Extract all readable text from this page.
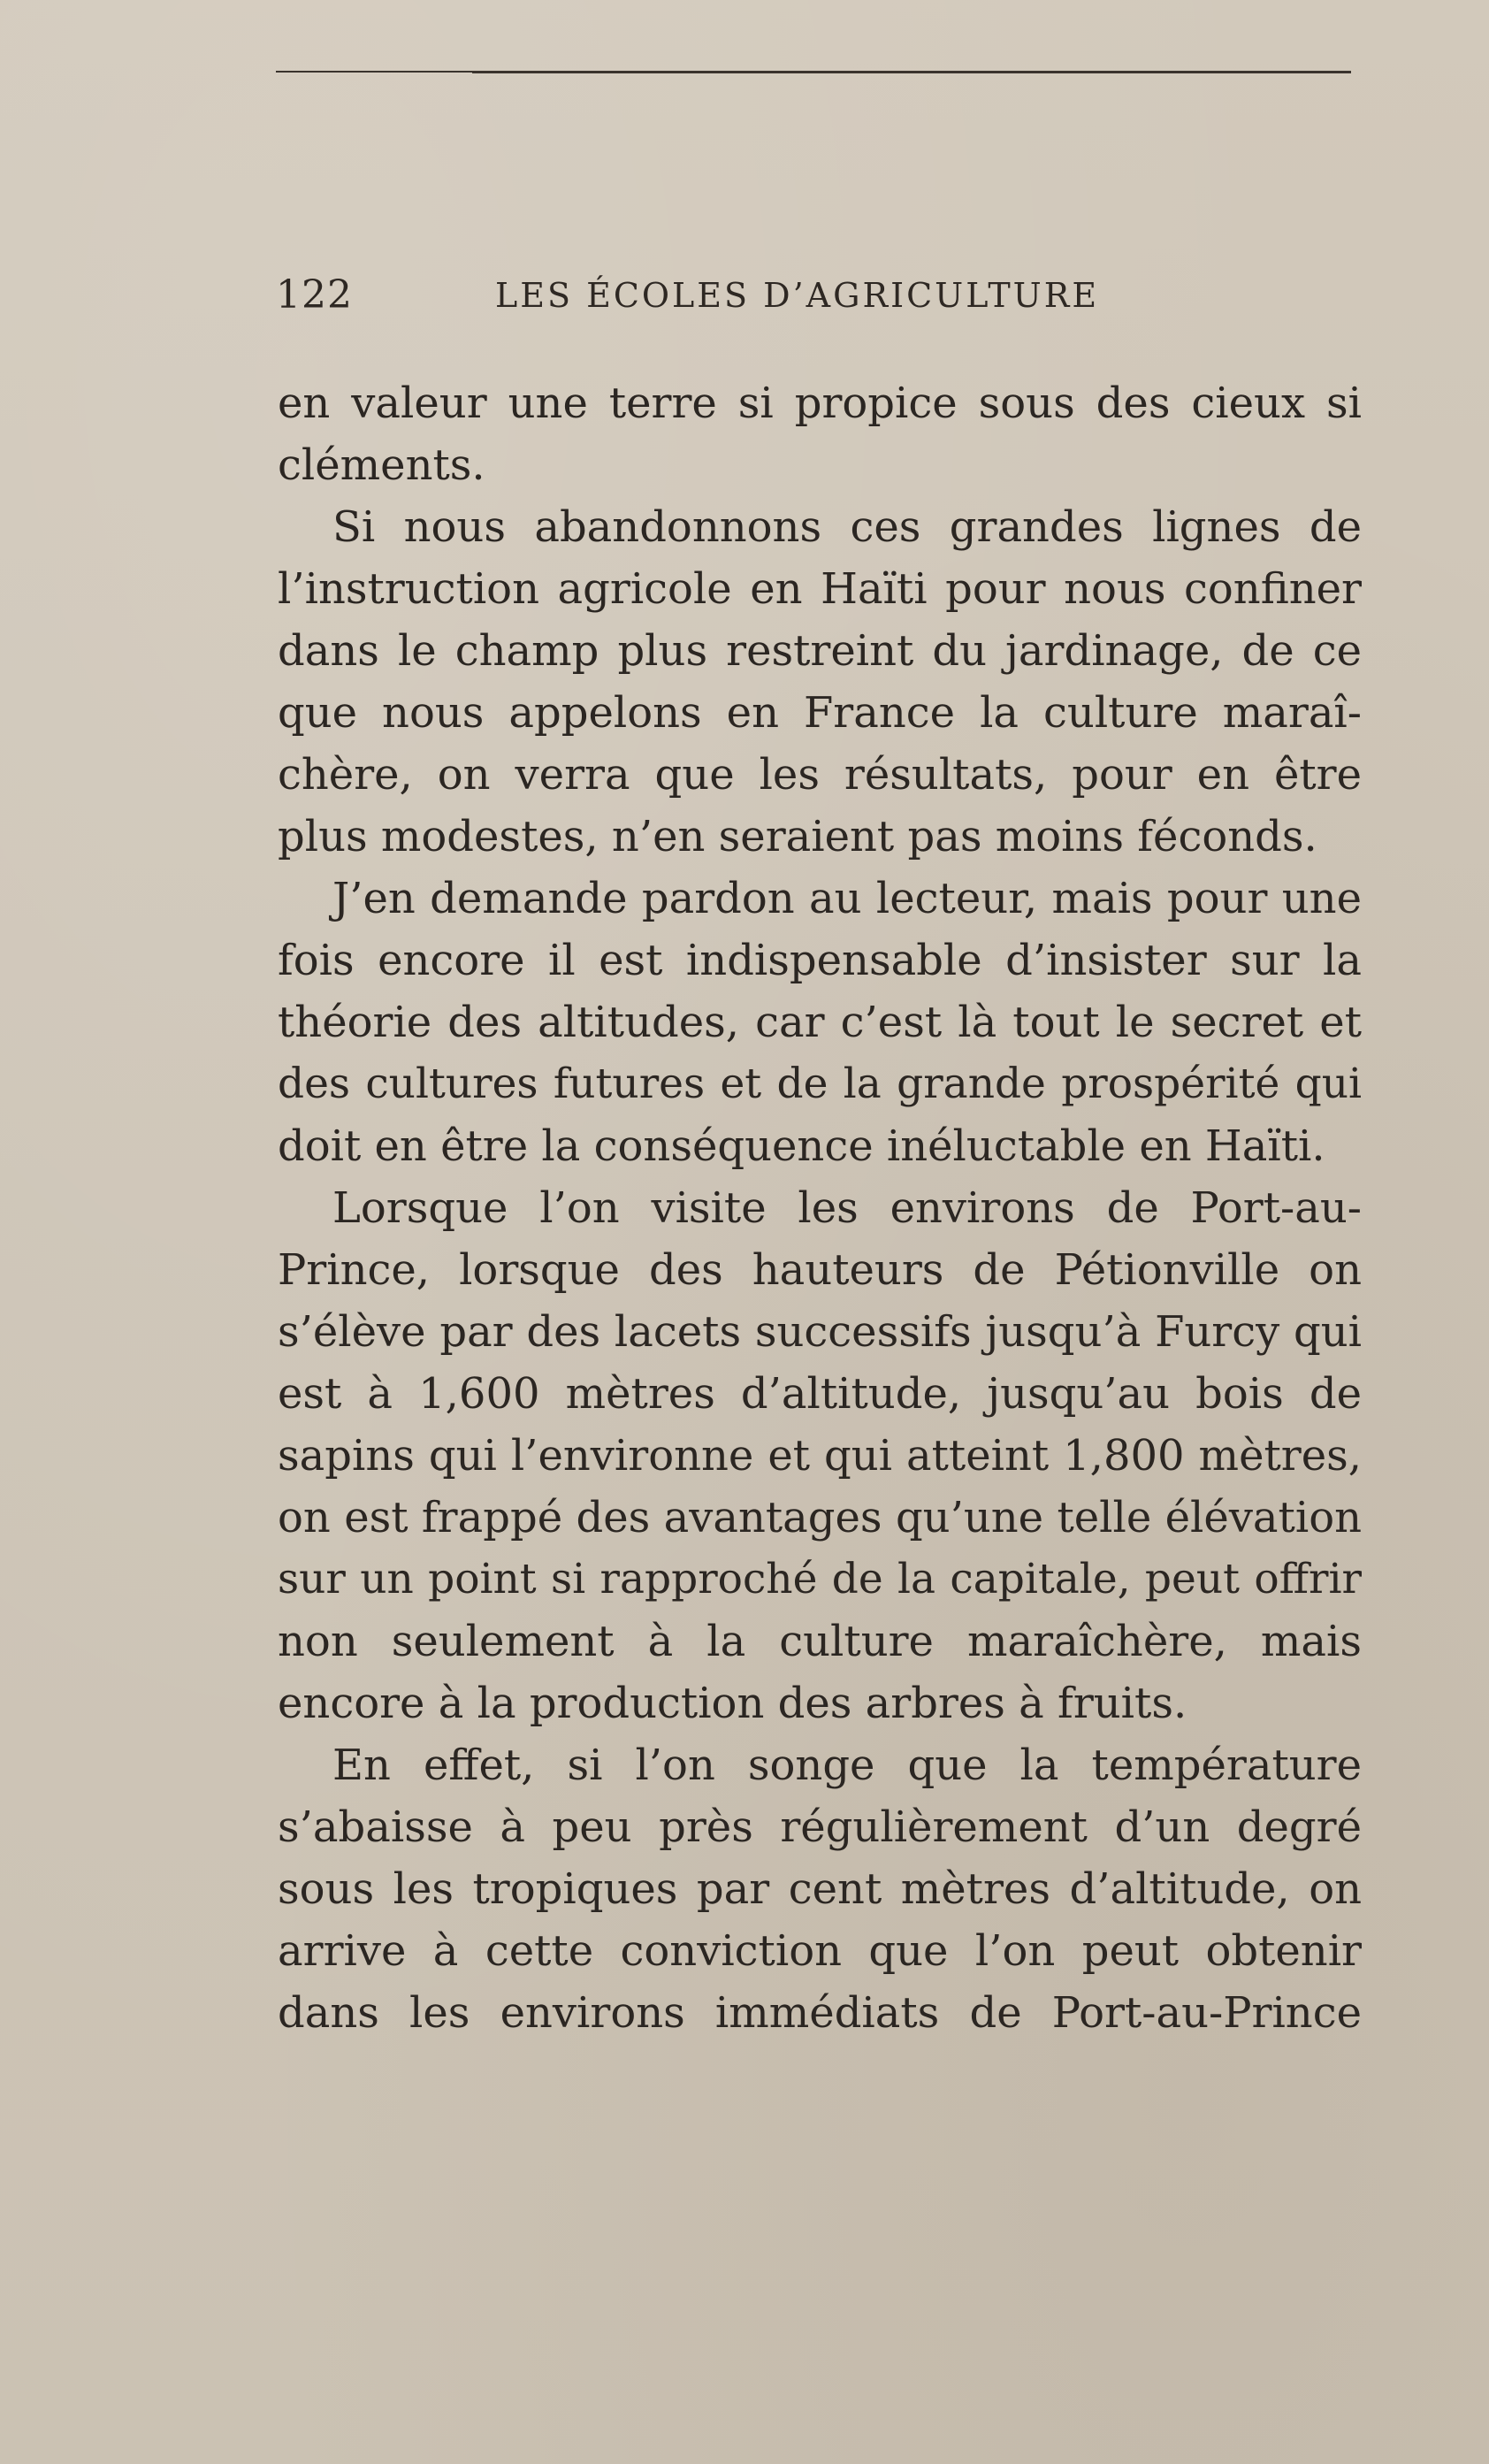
122	LES ÉCOLES D’AGRICULTURE
en valeur une terre si propice sous des cieux si
cléments.
Si nous abandonnons ces grandes lignes de
l’instruction agricole en Haïti pour nous confiner
dans le champ plus restreint du jardinage, de ce
que nous appelons en France la culture maraî-
chère, on verra que les résultats, pour en être
plus modestes, n’en seraient pas moins féconds.
J’en demande pardon au lecteur, mais pour une
fois encore il est indispensable d’insister sur la
théorie des altitudes, car c’est là tout le secret et
des cultures futures et de la grande prospérité qui
doit en être la conséquence inéluctable en Haïti.
Lorsque l’on visite les environs de Port-au-
Prince, lorsque des hauteurs de Pétionville on
s’élève par des lacets successifs jusqu’à Furcy qui
est à 1,600 mètres d’altitude, jusqu’au bois de
sapins qui l’environne et qui atteint 1,800 mètres,
on est frappé des avantages qu’une telle élévation
sur un point si rapproché de la capitale, peut offrir
non seulement à la culture maraîchère, mais
encore à la production des arbres à fruits.
En effet, si l’on songe que la température
s’abaisse à peu près régulièrement d’un degré
sous les tropiques par cent mètres d’altitude, on
arrive à cette conviction que l’on peut obtenir
dans les environs immédiats de Port-au-Prince
